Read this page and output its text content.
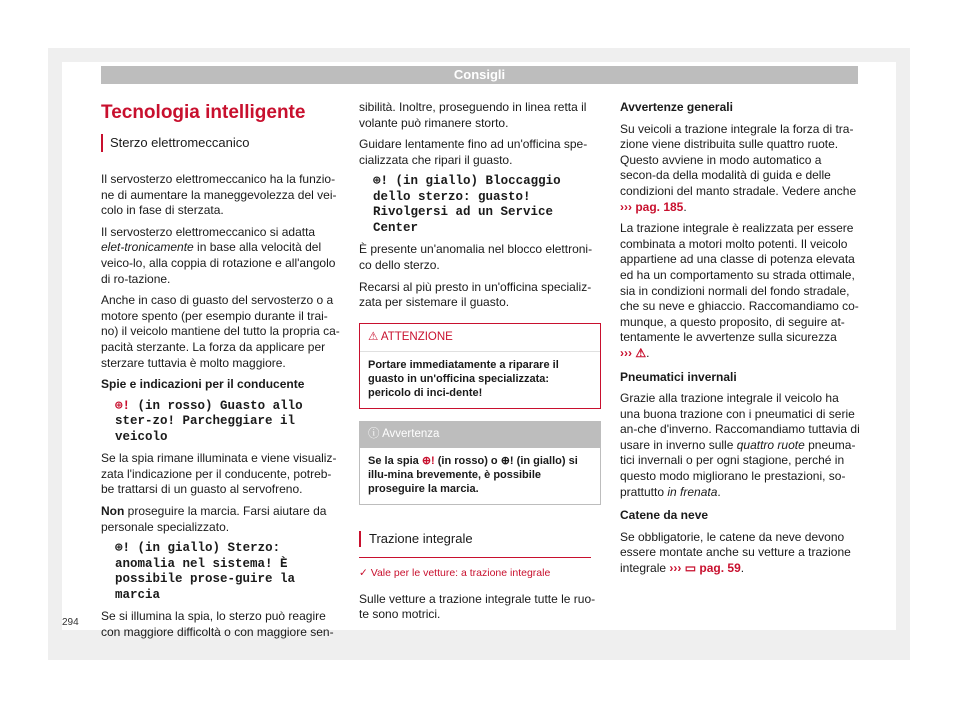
Consigli
Tecnologia intelligente
Sterzo elettromeccanico

Il servosterzo elettromeccanico ha la funzio-ne di aumentare la maneggevolezza del vei-colo in fase di sterzata.

Il servosterzo elettromeccanico si adatta elet-tronicamente in base alla velocità del veico-lo, alla coppia di rotazione e all'angolo di ro-tazione.

Anche in caso di guasto del servosterzo o a motore spento (per esempio durante il trai-no) il veicolo mantiene del tutto la propria ca-pacità sterzante. La forza da applicare per sterzare tuttavia è molto maggiore.

Spie e indicazioni per il conducente

⊕! (in rosso) Guasto allo ster-zo! Parcheggiare il veicolo

Se la spia rimane illuminata e viene visualiz-zata l'indicazione per il conducente, potreb-be trattarsi di un guasto al servofreno.

Non proseguire la marcia. Farsi aiutare da personale specializzato.

⊕! (in giallo) Sterzo: anomalia nel sistema! È possibile prose-guire la marcia

Se si illumina la spia, lo sterzo può reagire con maggiore difficoltà o con maggiore sen-

sibilità. Inoltre, proseguendo in linea retta il volante può rimanere storto.

Guidare lentamente fino ad un'officina spe-cializzata che ripari il guasto.

⊕! (in giallo) Bloccaggio dello sterzo: guasto! Rivolgersi ad un Service Center

È presente un'anomalia nel blocco elettroni-co dello sterzo.

Recarsi al più presto in un'officina specializ-zata per sistemare il guasto.

⚠ ATTENZIONE
Portare immediatamente a riparare il guasto in un'officina specializzata: pericolo di inci-dente!
ⓘ Avvertenza
Se la spia ⊕! (in rosso) o ⊕! (in giallo) si illu-mina brevemente, è possibile proseguire la marcia.
Trazione integrale
✓ Vale per le vetture: a trazione integrale

Sulle vetture a trazione integrale tutte le ruo-te sono motrici.

Avvertenze generali

Su veicoli a trazione integrale la forza di tra-zione viene distribuita sulle quattro ruote. Questo avviene in modo automatico a secon-da della modalità di guida e delle condizioni del manto stradale. Vedere anche
››› pag. 185.

La trazione integrale è realizzata per essere combinata a motori molto potenti. Il veicolo appartiene ad una classe di potenza elevata ed ha un comportamento su strada ottimale, sia in condizioni normali del fondo stradale, che su neve e ghiaccio. Raccomandiamo co-munque, a questo proposito, di seguire at-tentamente le avvertenze sulla sicurezza
››› ⚠.

Pneumatici invernali

Grazie alla trazione integrale il veicolo ha una buona trazione con i pneumatici di serie an-che d'inverno. Raccomandiamo tuttavia di usare in inverno sulle quattro ruote pneuma-tici invernali o per ogni stagione, perché in questo modo migliorano le prestazioni, so-prattutto in frenata.

Catene da neve

Se obbligatorie, le catene da neve devono essere montate anche su vetture a trazione integrale ››› ▭ pag. 59.

294
